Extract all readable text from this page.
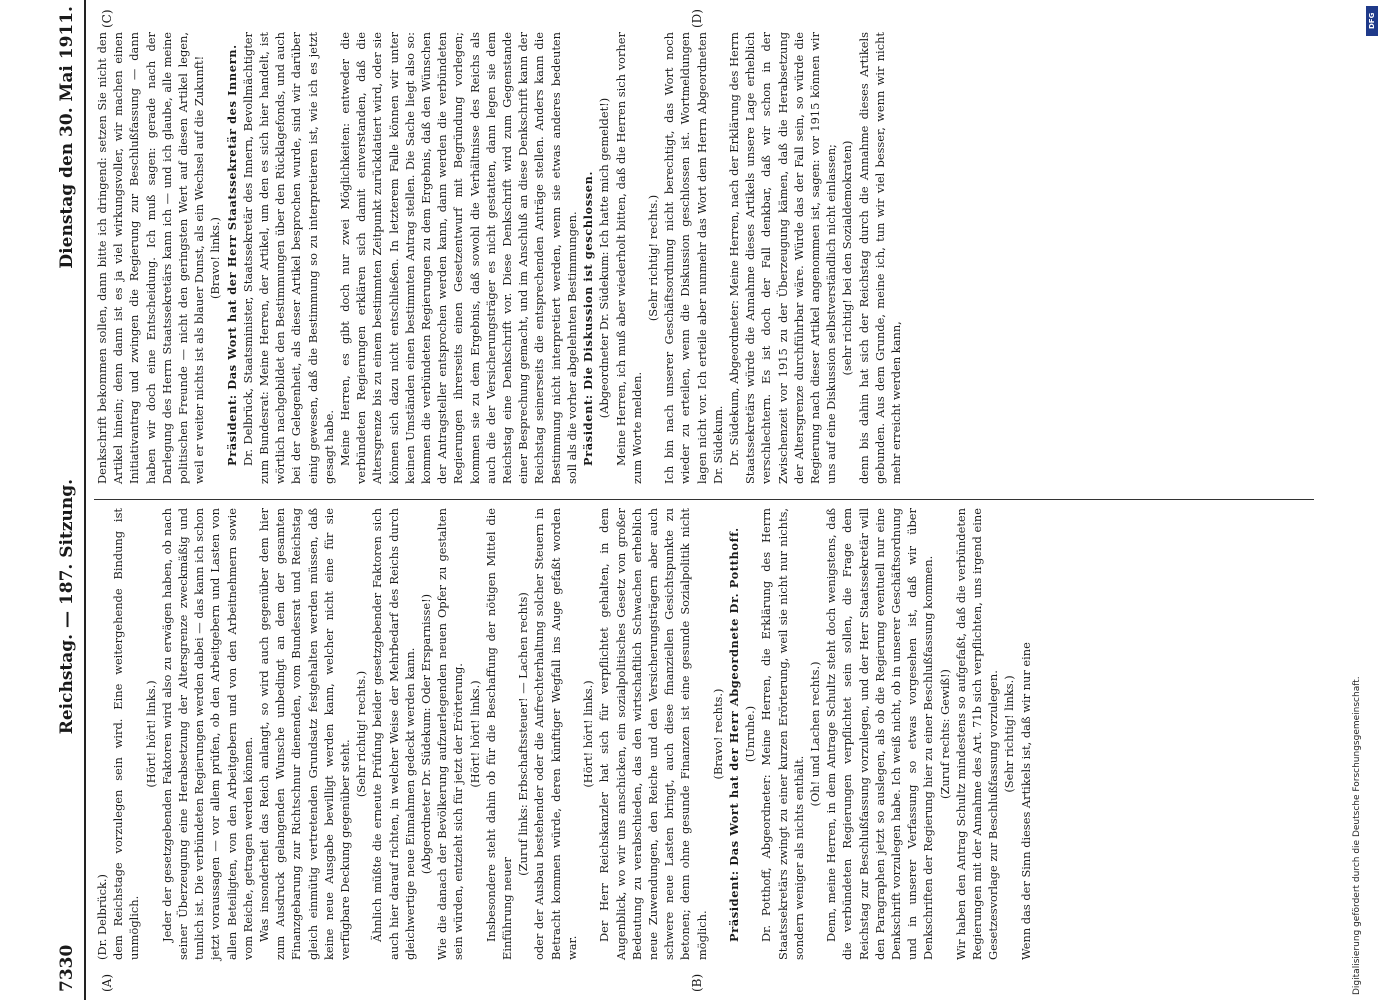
7330
Reichstag. — 187. Sitzung.
Dienstag den 30. Mai 1911.

(Dr. Delbrück.) dem Reichstage vorzulegen sein wird. Eine weitergehende Bindung ist unmöglich.

(Hört! hört! links.) Jeder der gesetzgebenden Faktoren wird also zu erwägen haben, ob nach seiner Überzeugung eine Herabsetzung der Altersgrenze zweckmäßig und tunlich ist. Die verbündeten Regierungen werden dabei — das kann ich schon jetzt voraussagen — vor allem prüfen, ob den Arbeitgebern und Lasten von allen Beteiligten, von den Arbeitgebern und von den Arbeitnehmern sowie vom Reiche, getragen werden können. Was insonderheit das Reich anlangt, so wird auch gegenüber dem hier zum Ausdruck gelangenden Wunsche unbedingt an dem der gesamten Finanzgebarung zur Richtschnur dienenden, vom Bundesrat und Reichstag gleich einmütig vertretenden Grundsatz festgehalten werden müssen, daß keine neue Ausgabe bewilligt werden kann, welcher nicht eine für sie verfügbare Deckung gegenüber steht.

(Sehr richtig! rechts.) Ähnlich müßte die erneute Prüfung beider gesetzgebender Faktoren sich auch hier darauf richten, in welcher Weise der Mehrbedarf des Reichs durch gleichwertige neue Einnahmen gedeckt werden kann. (Abgeordneter Dr. Südekum: Oder Ersparnisse!) Wie die danach der Bevölkerung aufzuerlegenden neuen Opfer zu gestalten sein würden, entzieht sich für jetzt der Erörterung. (Hört! hört! links.) Insbesondere steht dahin ob für die Beschaffung der nötigen Mittel die Einführung neuer

(Zuruf links: Erbschaftssteuer! — Lachen rechts) oder der Ausbau bestehender oder die Aufrechterhaltung solcher Steuern in Betracht kommen würde, deren künftiger Wegfall ins Auge gefaßt worden war.

(Hört! hört! links.) Der Herr Reichskanzler hat sich für verpflichtet gehalten, in dem Augenblick, wo wir uns anschicken, ein sozialpolitisches Gesetz von großer Bedeutung zu verabschieden, das den wirtschaftlich Schwachen erheblich neue Zuwendungen, den Reiche und den Versicherungsträgern aber auch schwere neue Lasten bringt, auch diese finanziellen Gesichtspunkte zu betonen; denn ohne gesunde Finanzen ist eine gesunde Sozialpolitik nicht möglich.

(Bravo! rechts.) Präsident: Das Wort hat der Herr Abgeordnete Dr. Potthoff. (Unruhe.) Dr. Potthoff, Abgeordneter: Meine Herren, die Erklärung des Herrn Staatssekretärs zwingt zu einer kurzen Erörterung, weil sie nicht nur nichts, sondern weniger als nichts enthält.

(Oh! und Lachen rechts.) Denn, meine Herren, in dem Antrage Schultz steht doch wenigstens, daß die verbündeten Regierungen verpflichtet sein sollen, die Frage dem Reichstag zur Beschlußfassung vorzulegen, und der Herr Staatssekretär will den Paragraphen jetzt so auslegen, als ob die Regierung eventuell nur eine Denkschrift vorzulegen habe. Ich weiß nicht, ob in unserer Geschäftsordnung und in unserer Verfassung so etwas vorgesehen ist, daß wir über Denkschriften der Regierung hier zu einer Beschlußfassung kommen. (Zuruf rechts: Gewiß!) Wir haben den Antrag Schultz mindestens so aufgefaßt, daß die verbündeten Regierungen mit der Annahme des Art. 71b sich verpflichten, uns irgend eine Gesetzesvorlage zur Beschlußfassung vorzulegen. (Sehr richtig! links.) Wenn das der Sinn dieses Artikels ist, daß wir nur eine

Denkschrift bekommen sollen, dann bitte ich dringend: setzen Sie nicht den Artikel hinein; denn dann ist es ja viel wirkungsvoller, wir machen einen Initiativantrag und zwingen die Regierung zur Beschlußfassung — dann haben wir doch eine Entscheidung. Ich muß sagen: gerade nach der Darlegung des Herrn Staatssekretärs kann ich — und ich glaube, alle meine politischen Freunde — nicht den geringsten Wert auf diesen Artikel legen, weil er weiter nichts ist als blauer Dunst, als ein Wechsel auf die Zukunft! (Bravo! links.) Präsident: Das Wort hat der Herr Staatssekretär des Innern. Dr. Delbrück, Staatsminister, Staatssekretär des Innern, Bevollmächtigter zum Bundesrat: Meine Herren, der Artikel, um den es sich hier handelt, ist wörtlich nachgebildet den Bestimmungen über den Rücklagefonds, und auch bei der Gelegenheit, als dieser Artikel besprochen wurde, sind wir darüber einig gewesen, daß die Bestimmung so zu interpretieren ist, wie ich es jetzt gesagt habe. Meine Herren, es gibt doch nur zwei Möglichkeiten: entweder die verbündeten Regierungen erklären sich damit einverstanden, daß die Altersgrenze bis zu einem bestimmten Zeitpunkt zurückdatiert wird, oder sie können sich dazu nicht entschließen. In letzterem Falle können wir unter keinen Umständen einen bestimmten Antrag stellen. Die Sache liegt also so: kommen die verbündeten Regierungen zu dem Ergebnis, daß den Wünschen der Antragsteller entsprochen werden kann, dann werden die verbündeten Regierungen ihrerseits einen Gesetzentwurf mit Begründung vorlegen; kommen sie zu dem Ergebnis, daß sowohl die Verhältnisse des Reichs als auch die der Versicherungsträger es nicht gestatten, dann legen sie dem Reichstag eine Denkschrift vor. Diese Denkschrift wird zum Gegenstande einer Besprechung gemacht, und im Anschluß an diese Denkschrift kann der Reichstag seinerseits die entsprechenden Anträge stellen. Anders kann die Bestimmung nicht interpretiert werden, wenn sie etwas anderes bedeuten soll als die vorher abgelehnten Bestimmungen. Präsident: Die Diskussion ist geschlossen. (Abgeordneter Dr. Südekum: Ich hatte mich gemeldet!) Meine Herren, ich muß aber wiederholt bitten, daß die Herren sich vorher zum Worte melden.

(Sehr richtig! rechts.) Ich bin nach unserer Geschäftsordnung nicht berechtigt, das Wort noch wieder zu erteilen, wenn die Diskussion geschlossen ist. Wortmeldungen lagen nicht vor. Ich erteile aber nunmehr das Wort dem Herrn Abgeordneten Dr. Südekum. Dr. Südekum, Abgeordneter: Meine Herren, nach der Erklärung des Herrn Staatssekretärs würde die Annahme dieses Artikels unsere Lage erheblich verschlechtern. Es ist doch der Fall denkbar, daß wir schon in der Zwischenzeit vor 1915 zu der Überzeugung kämen, daß die Herabsetzung der Altersgrenze durchführbar wäre. Würde das der Fall sein, so würde die Regierung nach dieser Artikel angenommen ist, sagen: vor 1915 können wir uns auf eine Diskussion selbstverständlich nicht einlassen; (sehr richtig! bei den Sozialdemokraten) denn bis dahin hat sich der Reichstag durch die Annahme dieses Artikels gebunden. Aus dem Grunde, meine ich, tun wir viel besser, wenn wir nicht mehr erreicht werden kann,

(A)	(B)
(C)	(D)
Digitalisierung gefördert durch die Deutsche Forschungsgemeinschaft.
DFG
